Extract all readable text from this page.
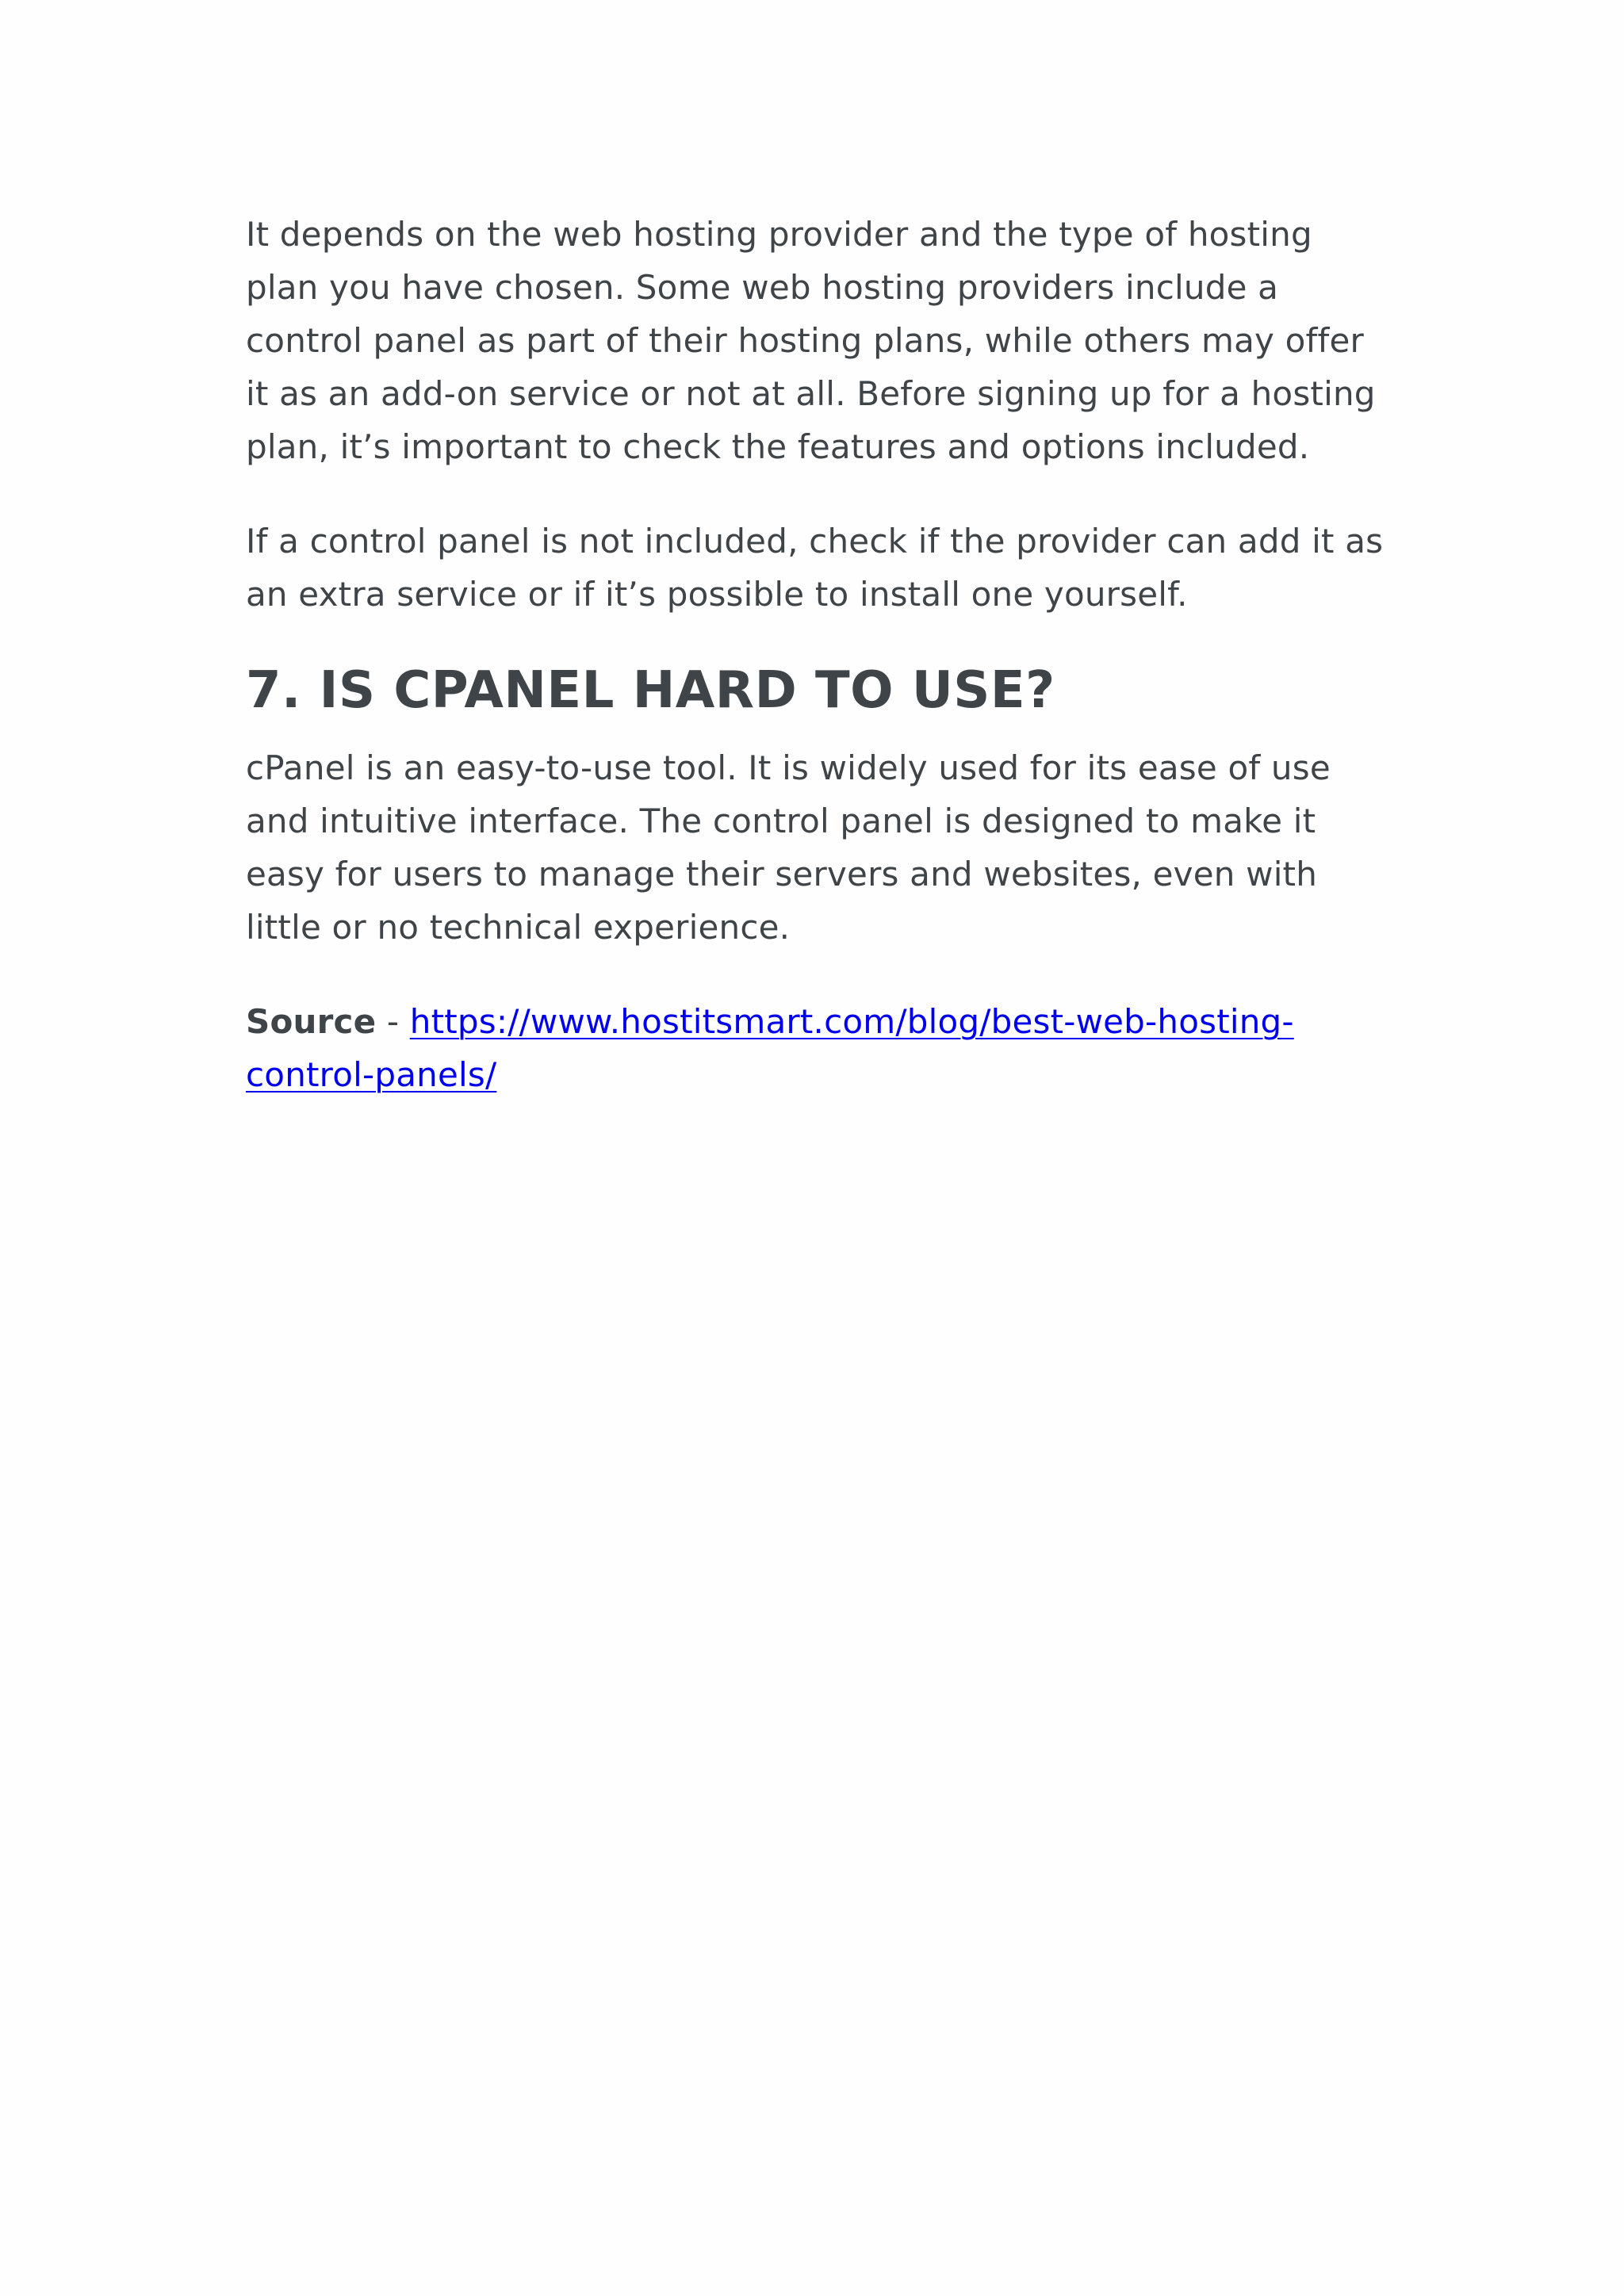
It depends on the web hosting provider and the type of hosting plan you have chosen. Some web hosting providers include a control panel as part of their hosting plans, while others may offer it as an add-on service or not at all. Before signing up for a hosting plan, it’s important to check the features and options included.

If a control panel is not included, check if the provider can add it as an extra service or if it’s possible to install one yourself.

7. IS CPANEL HARD TO USE?

cPanel is an easy-to-use tool. It is widely used for its ease of use and intuitive interface. The control panel is designed to make it easy for users to manage their servers and websites, even with little or no technical experience.

Source - https://www.hostitsmart.com/blog/best-web-hosting-control-panels/
